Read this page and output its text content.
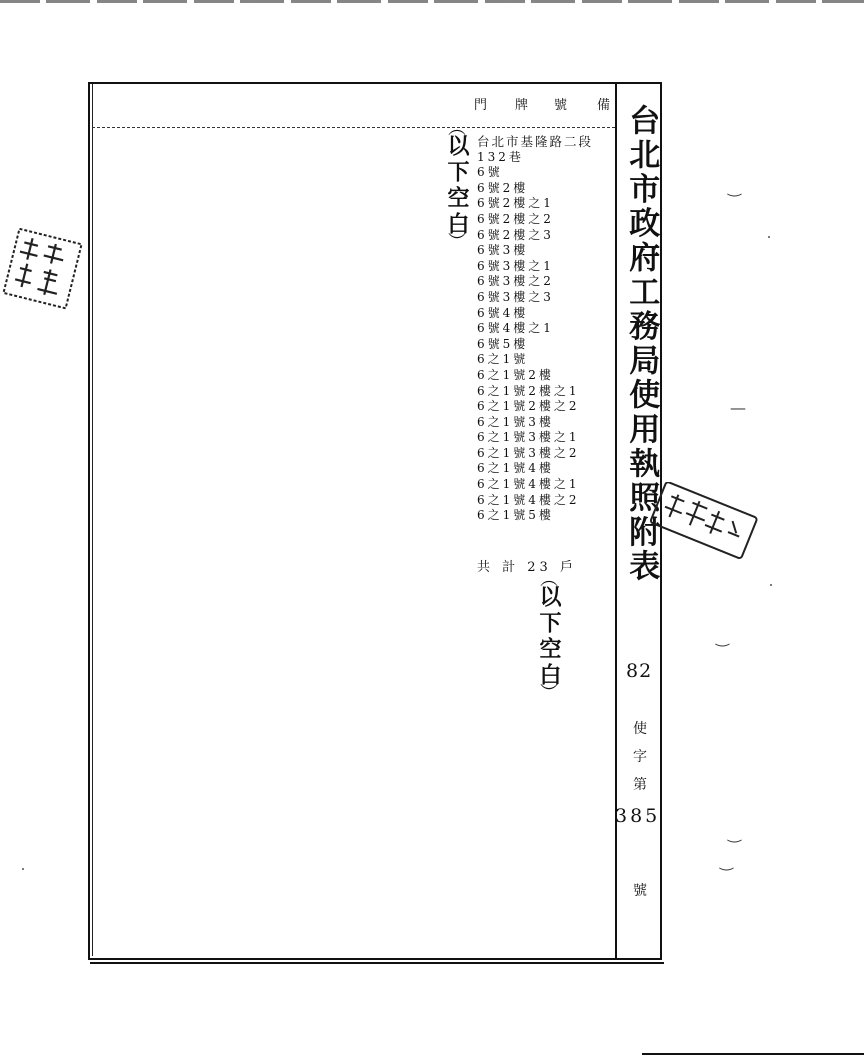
門 牌 號 備 台北市政府工務局使用執照附表
台北市基隆路二段
132巷
6號
6號2樓
6號2樓之1
6號2樓之2
6號2樓之3
6號3樓
6號3樓之1
6號3樓之2
6號3樓之3
6號4樓
6號4樓之1
6號5樓
6之1號
6之1號2樓
6之1號2樓之1
6之1號2樓之2
6之1號3樓
6之1號3樓之1
6之1號3樓之2
6之1號4樓
6之1號4樓之1
6之1號4樓之2
6之1號5樓
共 計 23 戶
︵
以下空白
︶
︵
以下空白
︶
82
使
字
第
385
號
‿
—
‿
‿
‿
